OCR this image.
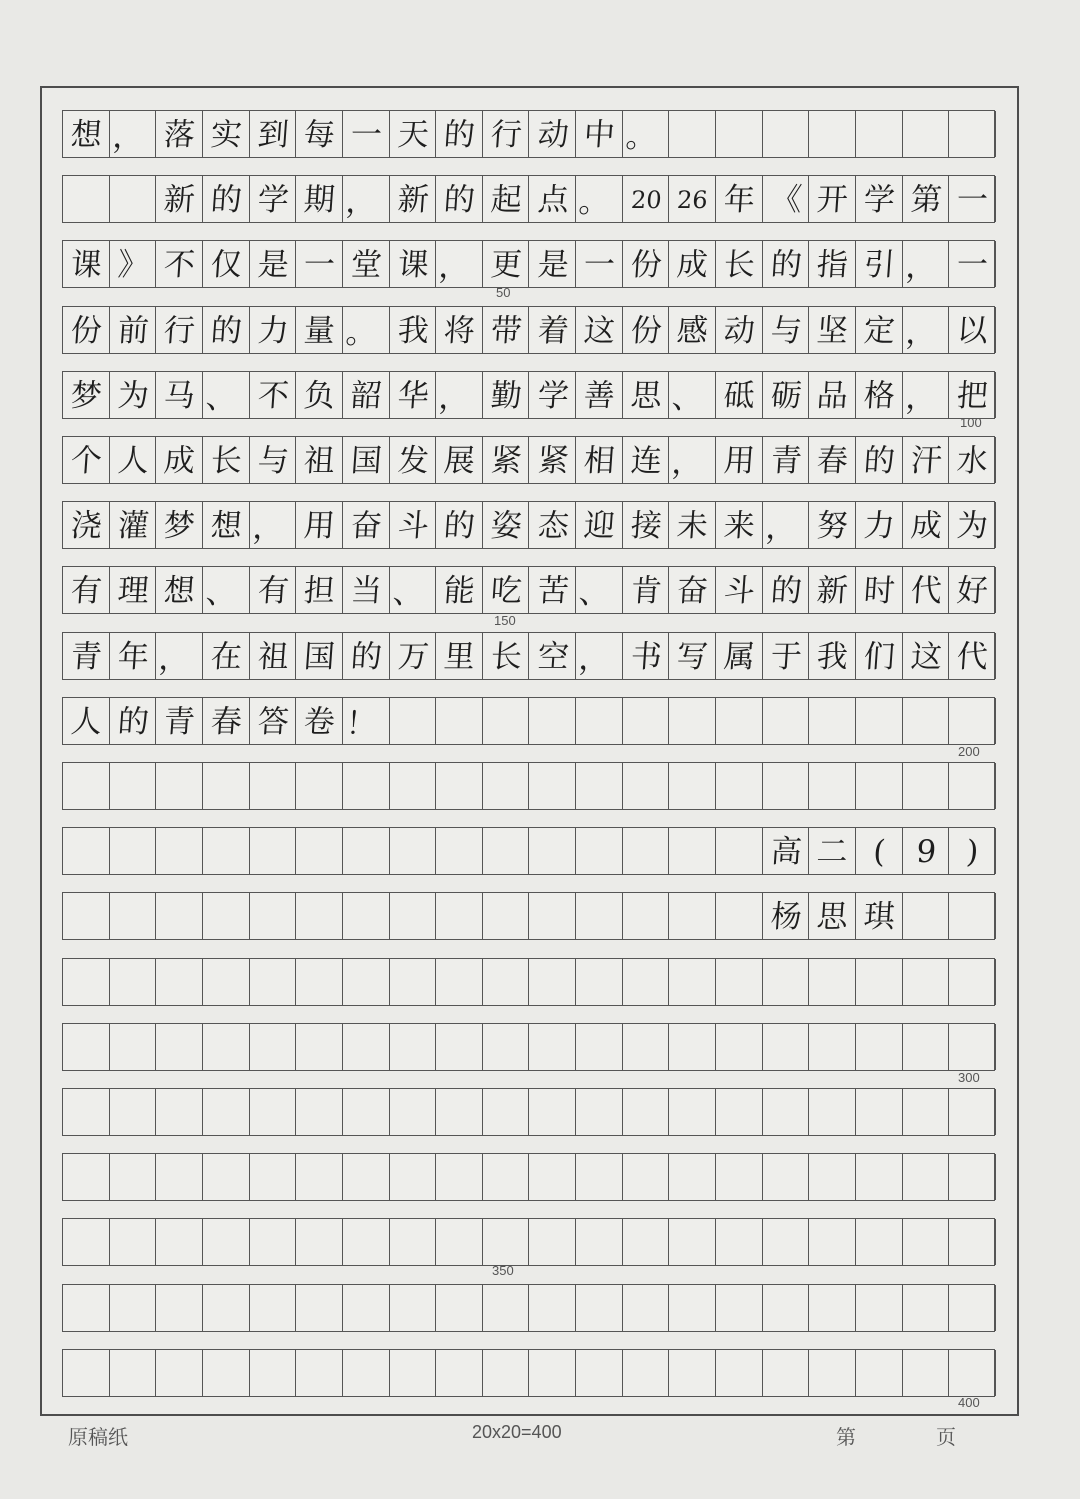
想 ， 落 实 到 每 一 天 的 行 动 中 。
新 的 学 期 ， 新 的 起 点 。 20 26 年 《 开 学 第 一
课 》 不 仅 是 一 堂 课 ， 更 是 一 份 成 长 的 指 引 ， 一
份 前 行 的 力 量 。 我 将 带 着 这 份 感 动 与 坚 定 ， 以
梦 为 马 、 不 负 韶 华 ， 勤 学 善 思 、 砥 砺 品 格 ， 把
个 人 成 长 与 祖 国 发 展 紧 紧 相 连 ， 用 青 春 的 汗 水
浇 灌 梦 想 ， 用 奋 斗 的 姿 态 迎 接 未 来 ， 努 力 成 为
有 理 想 、 有 担 当 、 能 吃 苦 、 肯 奋 斗 的 新 时 代 好
青 年 ， 在 祖 国 的 万 里 长 空 ， 书 写 属 于 我 们 这 代
人 的 青 春 答 卷 ！
高 二 ( 9 )
杨 思 琪
50
100
150
200
300
350
400
原稿纸	20x20=400	第	页
